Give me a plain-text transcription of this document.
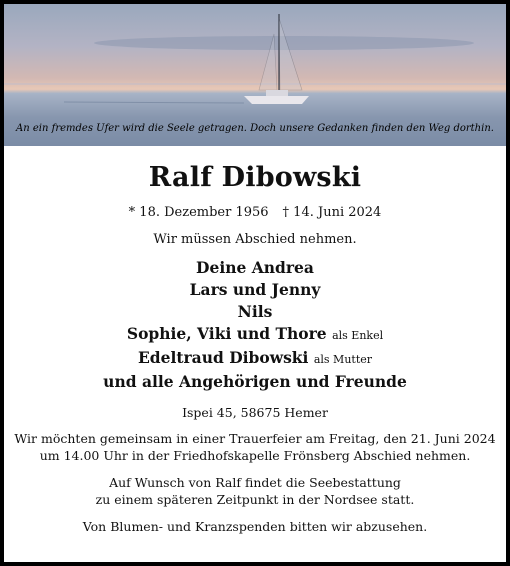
An ein fremdes Ufer wird die Seele getragen. Doch unsere Gedanken finden den Weg dorthin.
Ralf Dibowski
* 18. Dezember 1956 † 14. Juni 2024
Wir müssen Abschied nehmen.
Deine Andrea
Lars und Jenny
Nils
Sophie, Viki und Thore als Enkel
Edeltraud Dibowski als Mutter
und alle Angehörigen und Freunde
Ispei 45, 58675 Hemer
Wir möchten gemeinsam in einer Trauerfeier am Freitag, den 21. Juni 2024
um 14.00 Uhr in der Friedhofskapelle Frönsberg Abschied nehmen.
Auf Wunsch von Ralf findet die Seebestattung
zu einem späteren Zeitpunkt in der Nordsee statt.
Von Blumen- und Kranzspenden bitten wir abzusehen.
